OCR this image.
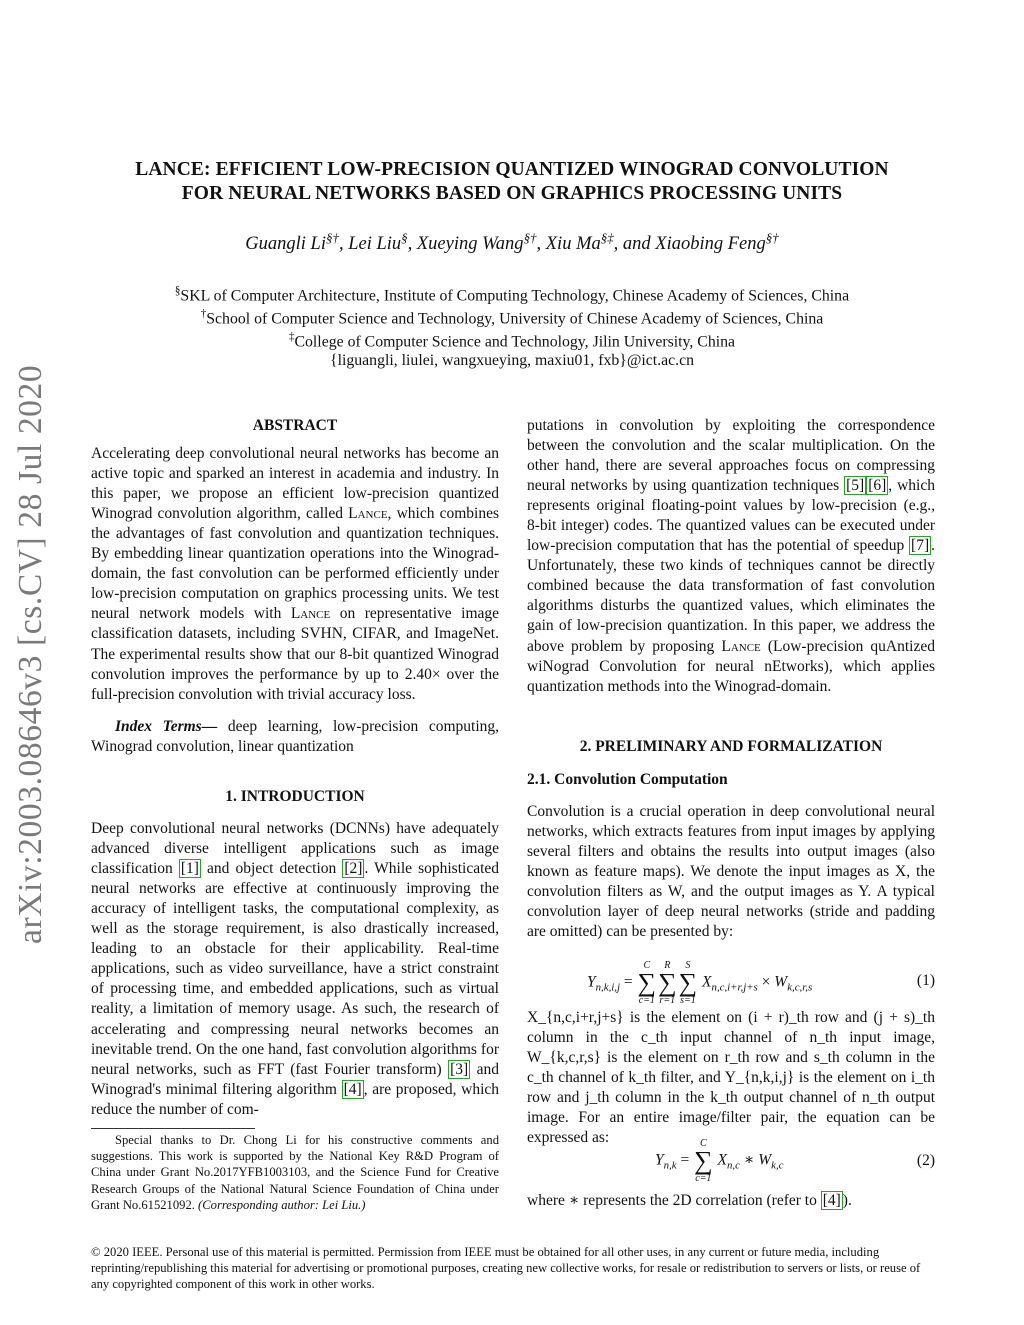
arXiv:2003.08646v3 [cs.CV] 28 Jul 2020
LANCE: EFFICIENT LOW-PRECISION QUANTIZED WINOGRAD CONVOLUTION
FOR NEURAL NETWORKS BASED ON GRAPHICS PROCESSING UNITS
Guangli Li§†, Lei Liu§, Xueying Wang§†, Xiu Ma§‡, and Xiaobing Feng§†
§SKL of Computer Architecture, Institute of Computing Technology, Chinese Academy of Sciences, China
†School of Computer Science and Technology, University of Chinese Academy of Sciences, China
‡College of Computer Science and Technology, Jilin University, China
{liguangli, liulei, wangxueying, maxiu01, fxb}@ict.ac.cn
ABSTRACT

Accelerating deep convolutional neural networks has become an active topic and sparked an interest in academia and industry. In this paper, we propose an efficient low-precision quantized Winograd convolution algorithm, called Lance, which combines the advantages of fast convolution and quantization techniques. By embedding linear quantization operations into the Winograd-domain, the fast convolution can be performed efficiently under low-precision computation on graphics processing units. We test neural network models with Lance on representative image classification datasets, including SVHN, CIFAR, and ImageNet. The experimental results show that our 8-bit quantized Winograd convolution improves the performance by up to 2.40× over the full-precision convolution with trivial accuracy loss.

Index Terms— deep learning, low-precision computing, Winograd convolution, linear quantization

1. INTRODUCTION

Deep convolutional neural networks (DCNNs) have adequately advanced diverse intelligent applications such as image classification [1] and object detection [2] . While sophisticated neural networks are effective at continuously improving the accuracy of intelligent tasks, the computational complexity, as well as the storage requirement, is also drastically increased, leading to an obstacle for their applicability. Real-time applications, such as video surveillance, have a strict constraint of processing time, and embedded applications, such as virtual reality, a limitation of memory usage. As such, the research of accelerating and compressing neural networks becomes an inevitable trend. On the one hand, fast convolution algorithms for neural networks, such as FFT (fast Fourier transform) [3] and Winograd's minimal filtering algorithm [4] , are proposed, which reduce the number of com-

Special thanks to Dr. Chong Li for his constructive comments and suggestions. This work is supported by the National Key R&D Program of China under Grant No.2017YFB1003103, and the Science Fund for Creative Research Groups of the National Natural Science Foundation of China under Grant No.61521092. (Corresponding author: Lei Liu.)

putations in convolution by exploiting the correspondence between the convolution and the scalar multiplication. On the other hand, there are several approaches focus on compressing neural networks by using quantization techniques [5] [6] , which represents original floating-point values by low-precision (e.g., 8-bit integer) codes. The quantized values can be executed under low-precision computation that has the potential of speedup [7] . Unfortunately, these two kinds of techniques cannot be directly combined because the data transformation of fast convolution algorithms disturbs the quantized values, which eliminates the gain of low-precision quantization. In this paper, we address the above problem by proposing Lance (Low-precision quAntized wiNograd Convolution for neural nEtworks), which applies quantization methods into the Winograd-domain.

2. PRELIMINARY AND FORMALIZATION
2.1. Convolution Computation

Convolution is a crucial operation in deep convolutional neural networks, which extracts features from input images by applying several filters and obtains the results into output images (also known as feature maps). We denote the input images as X, the convolution filters as W, and the output images as Y. A typical convolution layer of deep neural networks (stride and padding are omitted) can be presented by:

$Y_{n,k,i,j}$ =
C
∑
c=1
R
∑
r=1
S
∑
s=1
$X_{n,c,i+r,j+s} \times W_{k,c,r,s}$	(1)

X_{n,c,i+r,j+s} is the element on (i + r)_th row and (j + s)_th column in the c_th input channel of n_th input image, W_{k,c,r,s} is the element on r_th row and s_th column in the c_th channel of k_th filter, and Y_{n,k,i,j} is the element on i_th row and j_th column in the k_th output channel of n_th output image. For an entire image/filter pair, the equation can be expressed as:

$Y_{n,k}$ =
C
∑
c=1
$X_{n,c}$ ∗ $W_{k,c}$	(2)

where ∗ represents the 2D correlation (refer to [4] ).

© 2020 IEEE. Personal use of this material is permitted. Permission from IEEE must be obtained for all other uses, in any current or future media, including reprinting/republishing this material for advertising or promotional purposes, creating new collective works, for resale or redistribution to servers or lists, or reuse of any copyrighted component of this work in other works.
